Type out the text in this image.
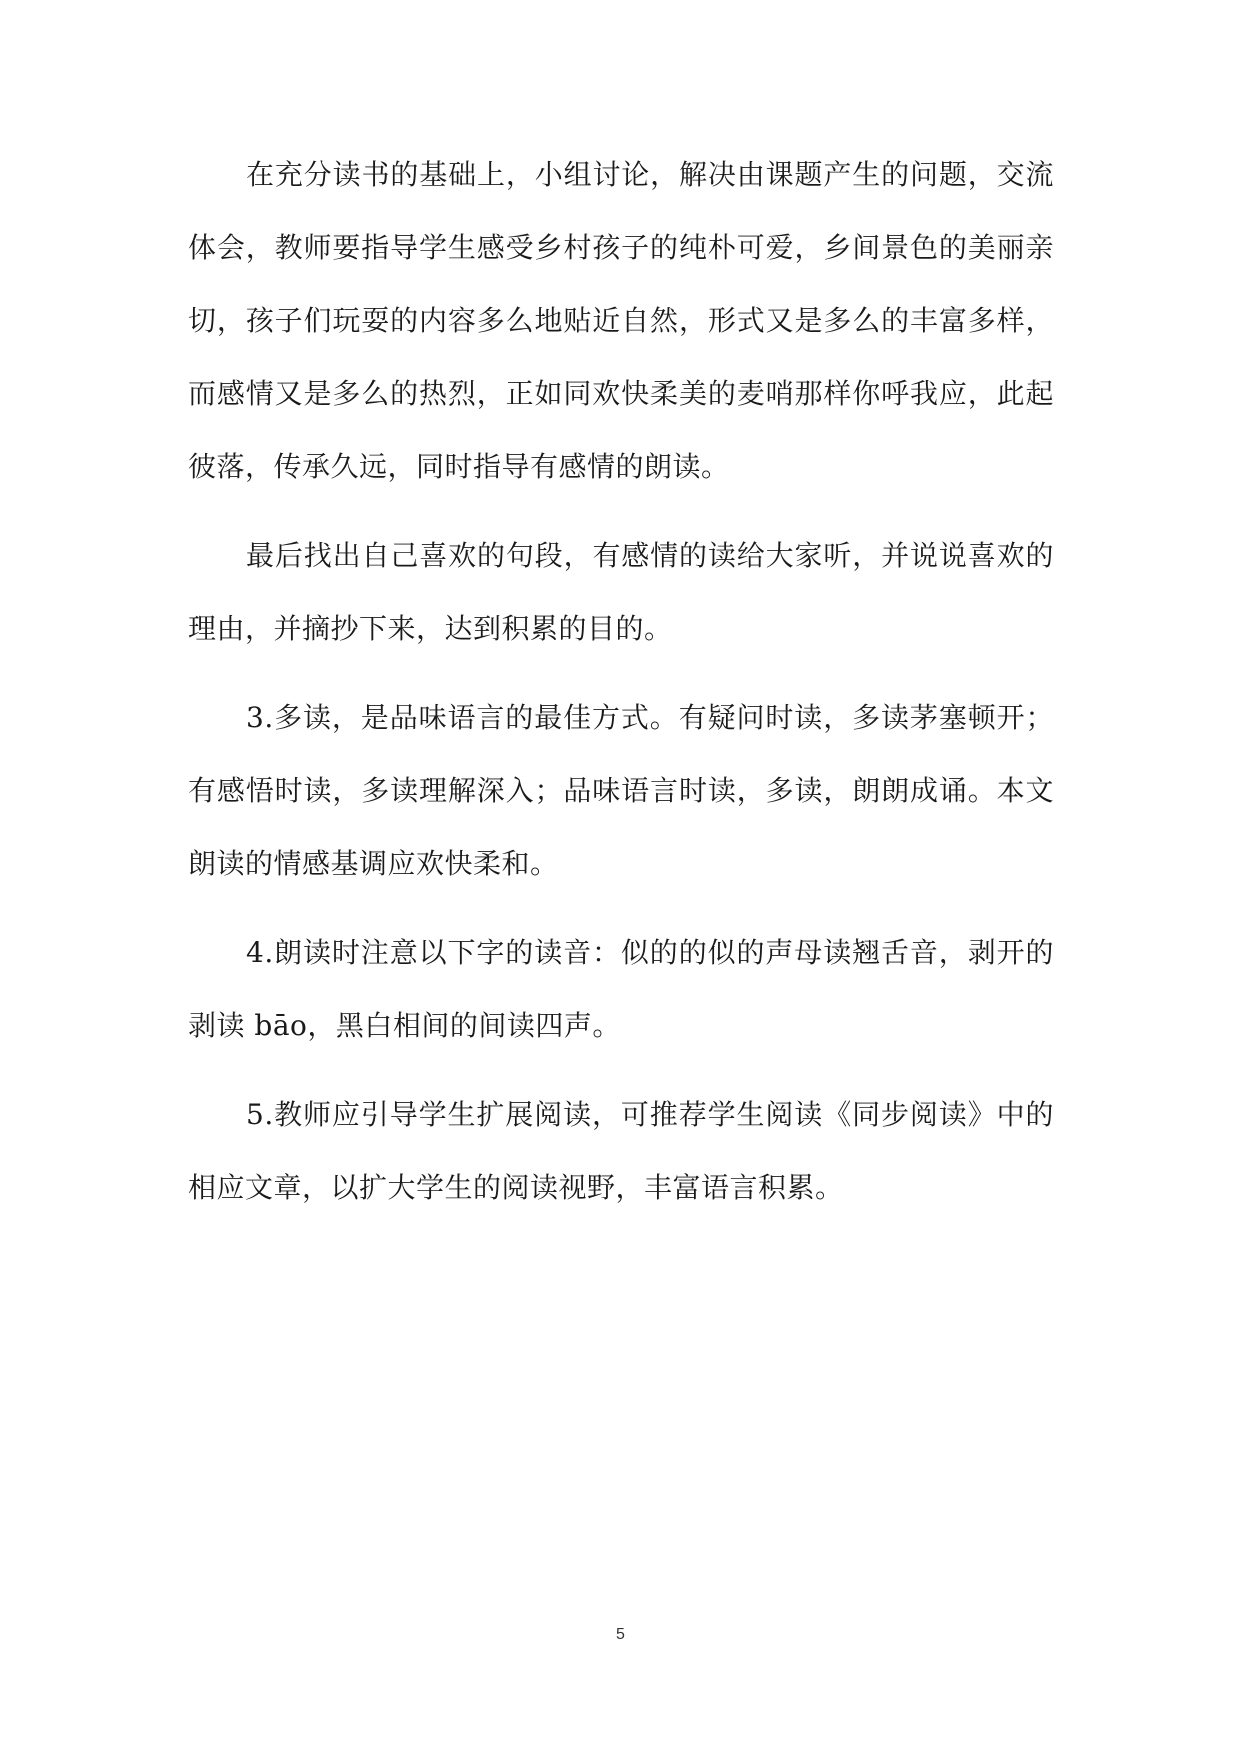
在充分读书的基础上，小组讨论，解决由课题产生的问题，交流体会，教师要指导学生感受乡村孩子的纯朴可爱，乡间景色的美丽亲切，孩子们玩耍的内容多么地贴近自然，形式又是多么的丰富多样，而感情又是多么的热烈，正如同欢快柔美的麦哨那样你呼我应，此起彼落，传承久远，同时指导有感情的朗读。

最后找出自己喜欢的句段，有感情的读给大家听，并说说喜欢的理由，并摘抄下来，达到积累的目的。

3.多读，是品味语言的最佳方式。有疑问时读，多读茅塞顿开；有感悟时读，多读理解深入；品味语言时读，多读，朗朗成诵。本文朗读的情感基调应欢快柔和。

4.朗读时注意以下字的读音：似的的似的声母读翘舌音，剥开的剥读 bāo，黑白相间的间读四声。

5.教师应引导学生扩展阅读，可推荐学生阅读《同步阅读》中的相应文章，以扩大学生的阅读视野，丰富语言积累。

5
